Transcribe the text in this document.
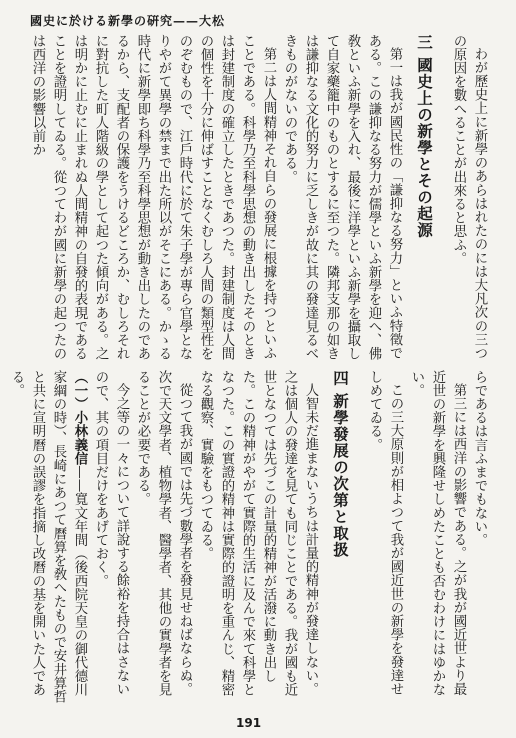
國史に於ける新學の硏究——大松

わが歷史上に新學のあらはれたのには大凡次の三つの原因を數へることが出來ると思ふ。

三 國史上の新學とその起源

第一は我が國民性の「謙抑なる努力」といふ特徵である。この謙抑なる努力が儒學といふ新學を迎へ、佛敎といふ新學を入れ、最後に洋學といふ新學を攝取して自家藥籠中のものとするに至つた。隣邦支那の如きは謙抑なる文化的努力に乏しきが故に其の發達見るべきものがないのである。

第二は人間精神それ自らの發展に根據を持つといふことである。科學乃至科學思想の動き出したそのときは封建制度の確立したときであつた。封建制度は人間の個性を十分に伸ばすことなくむしろ人間の類型性をのぞむもので、江戶時代に於て朱子學が專ら官學となりやがて異學の禁まで出た所以がそこにある。かゝる時代に新學即ち科學乃至科學思想が動き出したのであるから、支配者の保護をうけるどころか、むしろそれに對抗した町人階級の學として起つた傾向がある。之は明かに止むに止まれぬ人間精神の自發的表現であることを證明してゐる。從つてわが國に新學の起つたのは西洋の影響以前か

らであるは言ふまでもない。

第三には西洋の影響である。之が我が國近世より最近世の新學を興隆せしめたことも否むわけにはゆかない。

この三大原則が相よつて我が國近世の新學を發達せしめてゐる。

四 新學發展の次第と取扱

人智未だ進まないうちは計量的精神が發達しない。之は個人の發達を見ても同じことである。我が國も近世となつては先づこの計量的精神が活潑に動き出した。この精神がやがて實際的生活に及んで來て科學となつた。この實證的精神は實際的證明を重んじ、精密なる觀察、實驗をもつてゐる。

從つて我が國では先づ數學者を發見せねばならぬ。次で天文學者、植物學者、醫學者、其他の實學者を見ることが必要である。

今之等の一々について詳說する餘裕を持合はさないので、其の項目だけをあげておく。

（一）小林義信——寬文年間（後西院天皇の御代德川家綱の時）、長崎にあつて曆算を敎へたもので安井算哲と共に宣明曆の誤謬を指摘し改曆の基を開いた人である。

191
